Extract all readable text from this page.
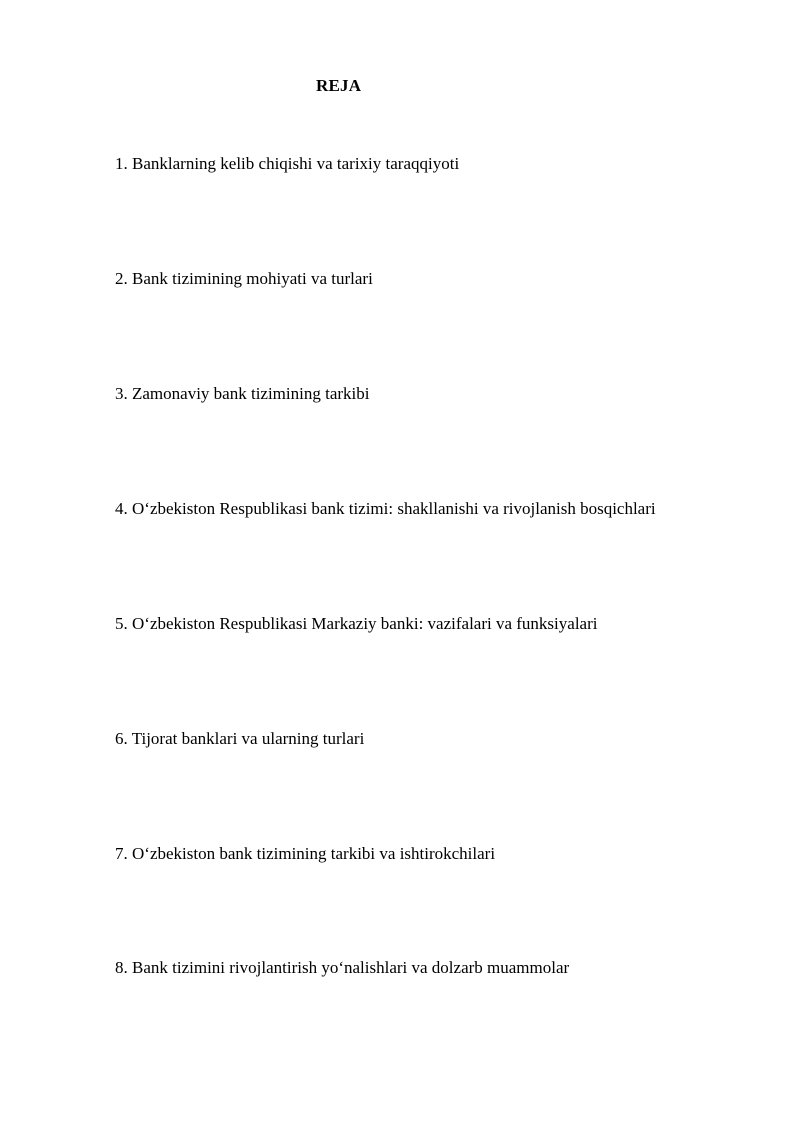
REJA
1. Banklarning kelib chiqishi va tarixiy taraqqiyoti
2. Bank tizimining mohiyati va turlari
3. Zamonaviy bank tizimining tarkibi
4. O‘zbekiston Respublikasi bank tizimi: shakllanishi va rivojlanish bosqichlari
5. O‘zbekiston Respublikasi Markaziy banki: vazifalari va funksiyalari
6. Tijorat banklari va ularning turlari
7. O‘zbekiston bank tizimining tarkibi va ishtirokchilari
8. Bank tizimini rivojlantirish yo‘nalishlari va dolzarb muammolar
